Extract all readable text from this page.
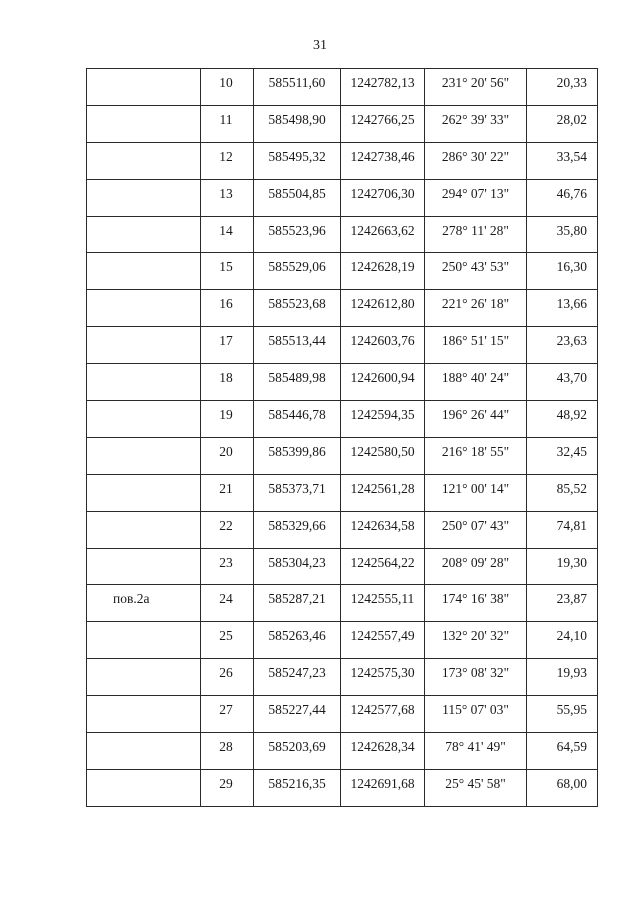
31

	10	585511,60	1242782,13	231° 20' 56"	20,33

	11	585498,90	1242766,25	262° 39' 33"	28,02

	12	585495,32	1242738,46	286° 30' 22"	33,54

	13	585504,85	1242706,30	294° 07' 13"	46,76

	14	585523,96	1242663,62	278° 11' 28"	35,80

	15	585529,06	1242628,19	250° 43' 53"	16,30

	16	585523,68	1242612,80	221° 26' 18"	13,66

	17	585513,44	1242603,76	186° 51' 15"	23,63

	18	585489,98	1242600,94	188° 40' 24"	43,70

	19	585446,78	1242594,35	196° 26' 44"	48,92

	20	585399,86	1242580,50	216° 18' 55"	32,45

	21	585373,71	1242561,28	121° 00' 14"	85,52

	22	585329,66	1242634,58	250° 07' 43"	74,81

	23	585304,23	1242564,22	208° 09' 28"	19,30

пов.2а	24	585287,21	1242555,11	174° 16' 38"	23,87

	25	585263,46	1242557,49	132° 20' 32"	24,10

	26	585247,23	1242575,30	173° 08' 32"	19,93

	27	585227,44	1242577,68	115° 07' 03"	55,95

	28	585203,69	1242628,34	78° 41' 49"	64,59

	29	585216,35	1242691,68	25° 45' 58"	68,00
